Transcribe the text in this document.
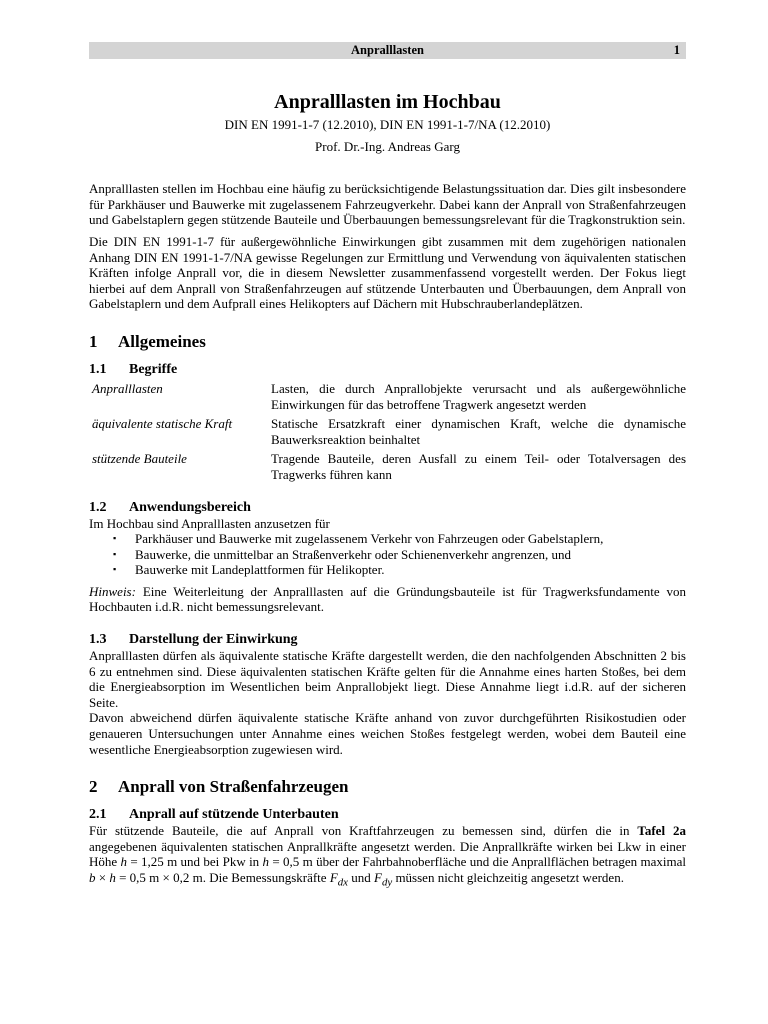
Anpralllasten	1
Anpralllasten im Hochbau
DIN EN 1991-1-7 (12.2010), DIN EN 1991-1-7/NA (12.2010)
Prof. Dr.-Ing. Andreas Garg

Anpralllasten stellen im Hochbau eine häufig zu berücksichtigende Belastungssituation dar. Dies gilt insbesondere für Parkhäuser und Bauwerke mit zugelassenem Fahrzeugverkehr. Dabei kann der Anprall von Straßenfahrzeugen und Gabelstaplern gegen stützende Bauteile und Überbauungen bemessungsrelevant für die Tragkonstruktion sein.

Die DIN EN 1991-1-7 für außergewöhnliche Einwirkungen gibt zusammen mit dem zugehörigen nationalen Anhang DIN EN 1991-1-7/NA gewisse Regelungen zur Ermittlung und Verwendung von äquivalenten statischen Kräften infolge Anprall vor, die in diesem Newsletter zusammenfassend vorgestellt werden. Der Fokus liegt hierbei auf dem Anprall von Straßenfahrzeugen auf stützende Unterbauten und Überbauungen, dem Anprall von Gabelstaplern und dem Aufprall eines Helikopters auf Dächern mit Hubschrauberlandeplätzen.

1 Allgemeines
1.1 Begriffe
Anpralllasten	Lasten, die durch Anprallobjekte verursacht und als außergewöhnliche Einwirkungen für das betroffene Tragwerk angesetzt werden
äquivalente statische Kraft	Statische Ersatzkraft einer dynamischen Kraft, welche die dynamische Bauwerksreaktion beinhaltet
stützende Bauteile	Tragende Bauteile, deren Ausfall zu einem Teil- oder Totalversagen des Tragwerks führen kann
1.2 Anwendungsbereich

Im Hochbau sind Anpralllasten anzusetzen für

▪ Parkhäuser und Bauwerke mit zugelassenem Verkehr von Fahrzeugen oder Gabelstaplern,
▪ Bauwerke, die unmittelbar an Straßenverkehr oder Schienenverkehr angrenzen, und
▪ Bauwerke mit Landeplattformen für Helikopter.

Hinweis: Eine Weiterleitung der Anpralllasten auf die Gründungsbauteile ist für Tragwerksfundamente von Hochbauten i.d.R. nicht bemessungsrelevant.

1.3 Darstellung der Einwirkung

Anpralllasten dürfen als äquivalente statische Kräfte dargestellt werden, die den nachfolgenden Abschnitten 2 bis 6 zu entnehmen sind. Diese äquivalenten statischen Kräfte gelten für die Annahme eines harten Stoßes, bei dem die Energieabsorption im Wesentlichen beim Anprallobjekt liegt. Diese Annahme liegt i.d.R. auf der sicheren Seite.

Davon abweichend dürfen äquivalente statische Kräfte anhand von zuvor durchgeführten Risikostudien oder genaueren Untersuchungen unter Annahme eines weichen Stoßes festgelegt werden, wobei dem Bauteil eine wesentliche Energieabsorption zugewiesen wird.

2 Anprall von Straßenfahrzeugen
2.1 Anprall auf stützende Unterbauten

Für stützende Bauteile, die auf Anprall von Kraftfahrzeugen zu bemessen sind, dürfen die in Tafel 2a angegebenen äquivalenten statischen Anprallkräfte angesetzt werden. Die Anprallkräfte wirken bei Lkw in einer Höhe h = 1,25 m und bei Pkw in h = 0,5 m über der Fahrbahnoberfläche und die Anprallflächen betragen maximal b × h = 0,5 m × 0,2 m. Die Bemessungskräfte $F_{dx}$ und $F_{dy}$ müssen nicht gleichzeitig angesetzt werden.
